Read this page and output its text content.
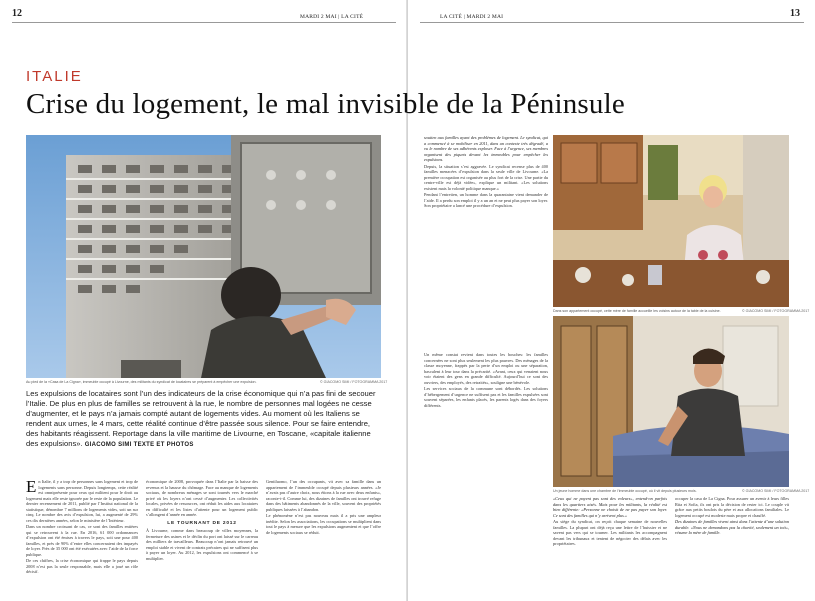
12	MARDI 2 MAI | LA CITÉ	LA CITÉ | MARDI 2 MAI	13
ITALIE
Crise du logement, le mal invisible de la Péninsule
Au pied de la «Casa de La Cigna», immeuble occupé à Livourne, des militants du syndicat de locataires se préparent à empêcher une expulsion.	© GIACOMO SIMI / FOTOGRAMMA 2017
Les expulsions de locataires sont l’un des indicateurs de la crise économique qui n’a pas fini de secouer l’Italie. De plus en plus de familles se retrouvent à la rue, le nombre de personnes mal logées ne cesse d’augmenter, et le pays n’a jamais compté autant de logements vides. Au moment où les Italiens se rendent aux urnes, le 4 mars, cette réalité continue d’être passée sous silence. Pour se faire entendre, des habitants réagissent. Reportage dans la ville maritime de Livourne, en Toscane, «capitale italienne des expulsions». GIACOMO SIMI TEXTE ET PHOTOS

En Italie, il y a trop de personnes sans logement et trop de logements sans personne. Depuis longtemps, cette réalité est omniprésente pour ceux qui militent pour le droit au logement mais elle reste ignorée par le reste de la population. Le dernier recensement de 2011, publié par l’Institut national de la statistique, dénombre 7 millions de logements vides, soit un sur cinq. Le nombre des avis d’expulsion, lui, a augmenté de 29% ces dix dernières années, selon le ministère de l’Intérieur.

Dans un nombre croissant de cas, ce sont des familles entières qui se retrouvent à la rue. En 2016, 61 000 ordonnances d’expulsion ont été émises à travers le pays, soit une pour 400 familles, et près de 90% d’entre elles concernaient des impayés de loyer. Près de 35 000 ont été exécutées avec l’aide de la force publique.

De ces chiffres, la crise économique qui frappe le pays depuis 2008 n’est pas la seule responsable, mais elle a joué un rôle décisif.

économique de 2008, provoquée dans l’Italie par la baisse des revenus et la hausse du chômage. Face au manque de logements sociaux, de nombreux ménages se sont tournés vers le marché privé où les loyers n’ont cessé d’augmenter. Les collectivités locales, privées de ressources, ont réduit les aides aux locataires en difficulté et les listes d’attente pour un logement public s’allongent d’année en année.

LE TOURNANT DE 2012

À Livourne, comme dans beaucoup de villes moyennes, la fermeture des usines et le déclin du port ont laissé sur le carreau des milliers de travailleurs. Beaucoup n’ont jamais retrouvé un emploi stable et vivent de contrats précaires qui ne suffisent plus à payer un loyer. Au 2012, les expulsions ont commencé à se multiplier.

Gentiluomo, l’un des occupants, vit avec sa famille dans un appartement de l’immeuble occupé depuis plusieurs années. «Je n’avais pas d’autre choix, nous étions à la rue avec deux enfants», raconte-t-il. Comme lui, des dizaines de familles ont trouvé refuge dans des bâtiments abandonnés de la ville, souvent des propriétés publiques laissées à l’abandon.

Le phénomène n’est pas nouveau mais il a pris une ampleur inédite. Selon les associations, les occupations se multiplient dans tout le pays à mesure que les expulsions augmentent et que l’offre de logements sociaux se réduit.

soutien aux familles ayant des problèmes de logement. Le syndicat, qui a commencé à se mobiliser en 2011, dans un contexte très dégradé, a vu le nombre de ses adhérents exploser. Face à l’urgence, ses membres organisent des piquets devant les immeubles pour empêcher les expulsions.

Depuis, la situation s’est aggravée. Le syndicat recense plus de 400 familles menacées d’expulsion dans la seule ville de Livourne. «La première occupation est organisée au plus fort de la crise. Une partie du centre-ville est déjà vidée», explique un militant. «Les solutions existent mais la volonté politique manque.»

Pendant l’entretien, un homme dans la quarantaine vient demander de l’aide. Il a perdu son emploi il y a un an et ne peut plus payer son loyer. Son propriétaire a lancé une procédure d’expulsion.

Un même constat revient dans toutes les bouches: les familles concernées ne sont plus seulement les plus pauvres. Des ménages de la classe moyenne, frappés par la perte d’un emploi ou une séparation, basculent à leur tour dans la précarité. «Avant, ceux qui venaient nous voir étaient des gens en grande difficulté. Aujourd’hui ce sont des ouvriers, des employés, des retraités», souligne une bénévole.

Les services sociaux de la commune sont débordés. Les solutions d’hébergement d’urgence ne suffisent pas et les familles expulsées sont souvent séparées, les enfants placés, les parents logés dans des foyers différents.

Dans son appartement occupé, cette mère de famille accueille les voisins autour de la table de la cuisine.	© GIACOMO SIMI / FOTOGRAMMA 2017
Un jeune homme dans une chambre de l’immeuble occupé, où il vit depuis plusieurs mois.	© GIACOMO SIMI / FOTOGRAMMA 2017

«Ceux qui ne payent pas sont des voleurs», entend-on parfois dans les quartiers aisés. Mais pour les militants, la réalité est bien différente: «Personne ne choisit de ne pas payer son loyer. Ce sont des familles qui n’y arrivent plus.»

Au siège du syndicat, on reçoit chaque semaine de nouvelles familles. La plupart ont déjà reçu une lettre de l’huissier et ne savent pas vers qui se tourner. Les militants les accompagnent devant les tribunaux et tentent de négocier des délais avec les propriétaires.

occuper la casa de La Cigna. Pour assurer un avenir à leurs filles Rita et Sofia, ils ont pris la décision de rester ici. Le couple vit grâce aux petits boulots du père et aux allocations familiales. Le logement occupé est modeste mais propre et chauffé.

Des dizaines de familles vivent ainsi dans l’attente d’une solution durable. «Nous ne demandons pas la charité, seulement un toit», résume la mère de famille.
